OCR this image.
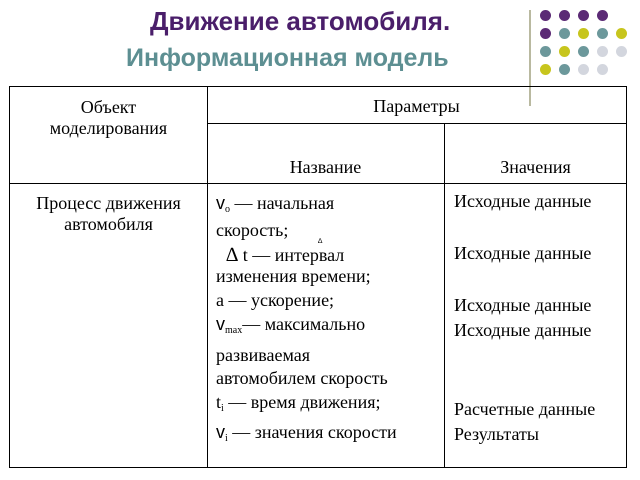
Движение автомобиля.
Информационная модель
Объект
моделирования
Параметры
Название	Значения
Процесс движения
автомобиля
$v_o$ — начальная
скорость;
∆
∆ t — интервал
изменения времени;
a — ускорение;
$v_{max}—$ максимально
развиваемая
автомобилем скорость
$t_i$ — время движения;
$v_i$ — значения скорости
Исходные данные
Исходные данные
Исходные данные
Исходные данные
Расчетные данные
Результаты
